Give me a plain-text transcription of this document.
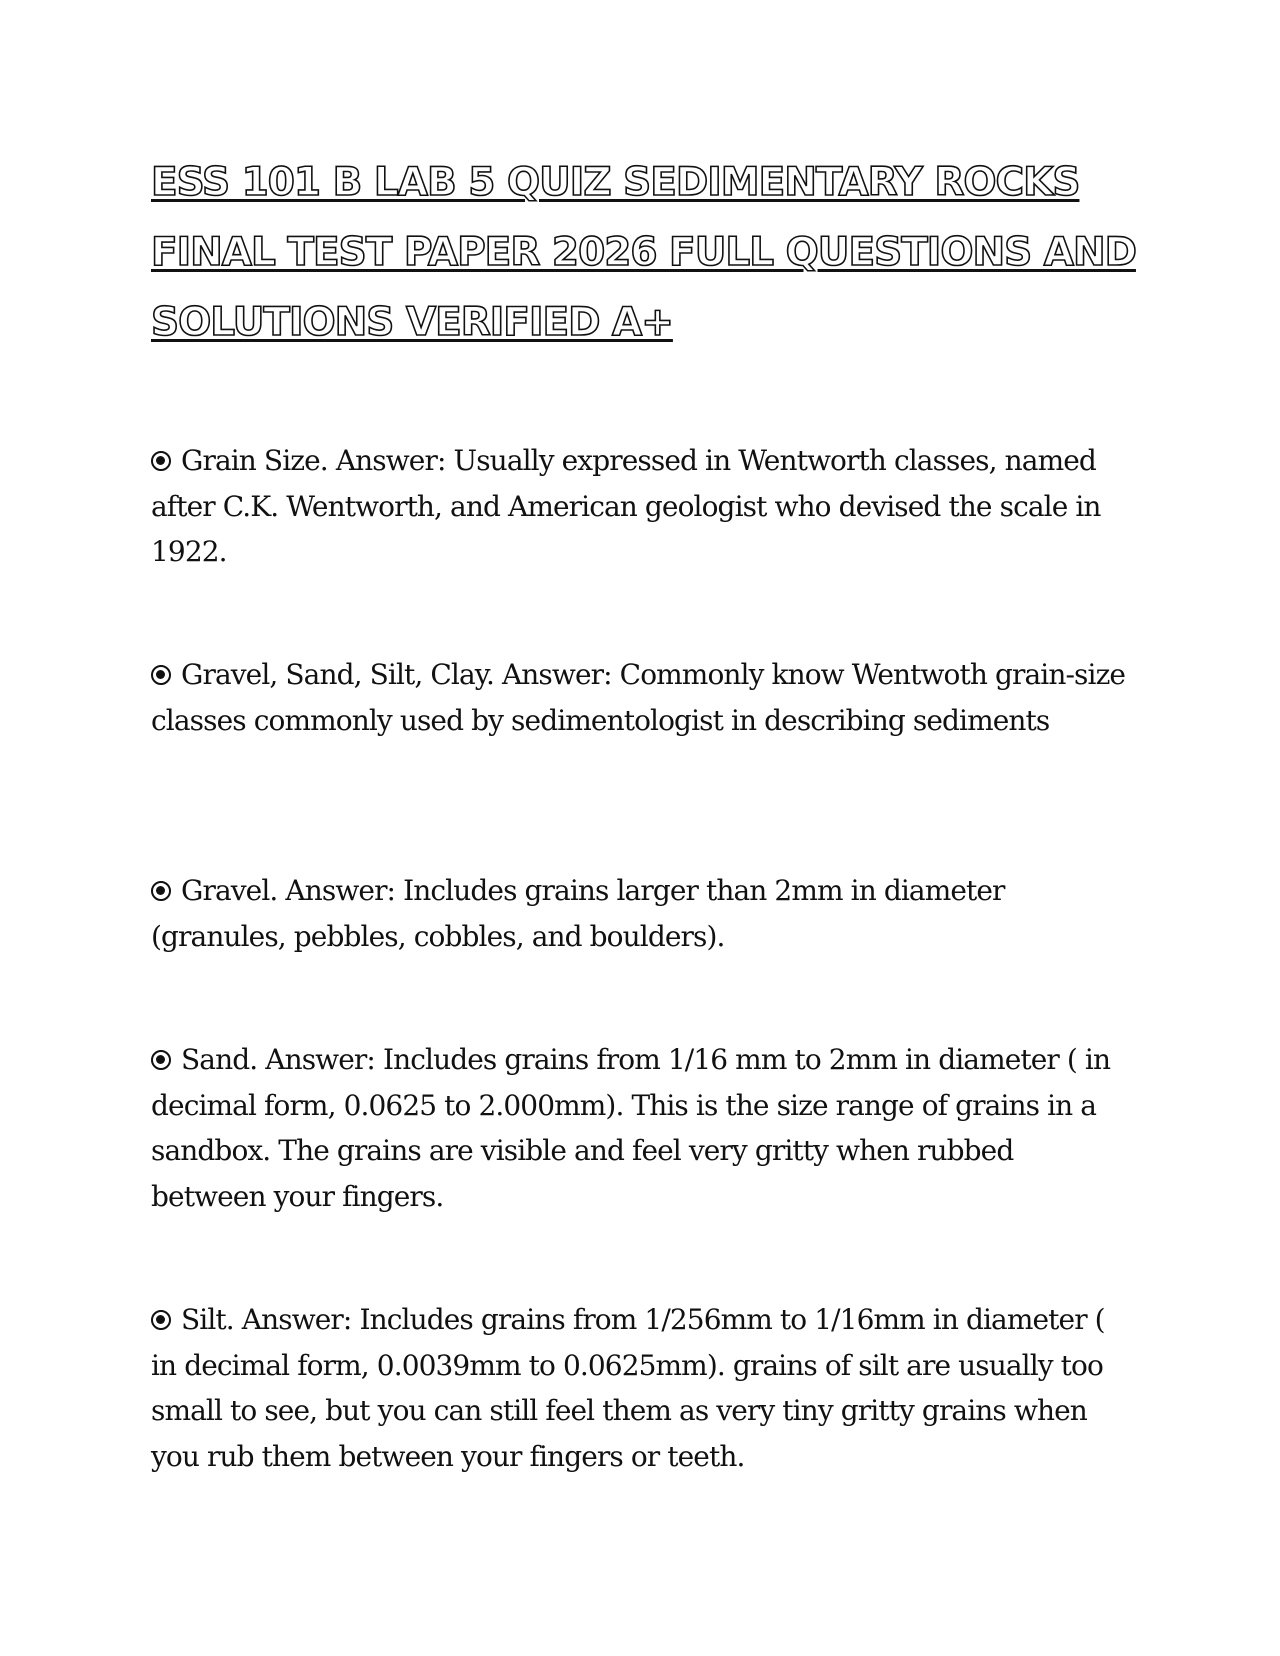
ESS 101 B LAB 5 QUIZ SEDIMENTARY ROCKS FINAL TEST PAPER 2026 FULL QUESTIONS AND SOLUTIONS VERIFIED A+

Grain Size. Answer: Usually expressed in Wentworth classes, named after C.K. Wentworth, and American geologist who devised the scale in 1922.

Gravel, Sand, Silt, Clay. Answer: Commonly know Wentwoth grain-size classes commonly used by sedimentologist in describing sediments

Gravel. Answer: Includes grains larger than 2mm in diameter (granules, pebbles, cobbles, and boulders).

Sand. Answer: Includes grains from 1/16 mm to 2mm in diameter ( in decimal form, 0.0625 to 2.000mm). This is the size range of grains in a sandbox. The grains are visible and feel very gritty when rubbed between your fingers.

Silt. Answer: Includes grains from 1/256mm to 1/16mm in diameter ( in decimal form, 0.0039mm to 0.0625mm). grains of silt are usually too small to see, but you can still feel them as very tiny gritty grains when you rub them between your fingers or teeth.
